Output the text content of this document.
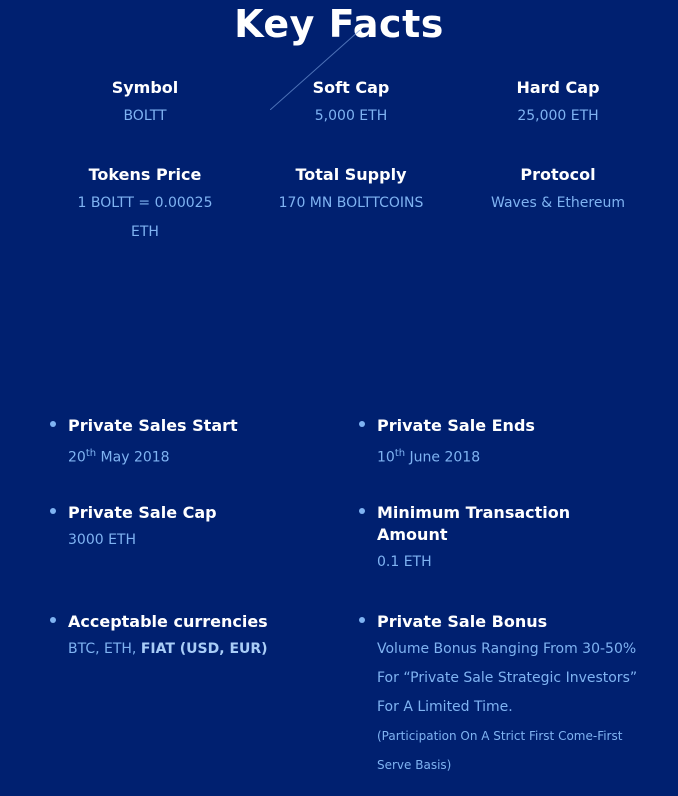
Key Facts
Symbol
BOLTT
Soft Cap
5,000 ETH
Hard Cap
25,000 ETH
Tokens Price
1 BOLTT = 0.00025 ETH
Total Supply
170 MN BOLTTCOINS
Protocol
Waves & Ethereum
Private Sales Start
20th May 2018
Private Sale Ends
10th June 2018
Private Sale Cap
3000 ETH
Minimum Transaction Amount
0.1 ETH
Acceptable currencies
BTC, ETH, FIAT (USD, EUR)
Private Sale Bonus
Volume Bonus Ranging From 30-50% For “Private Sale Strategic Investors” For A Limited Time.
(Participation On A Strict First Come-First Serve Basis)
